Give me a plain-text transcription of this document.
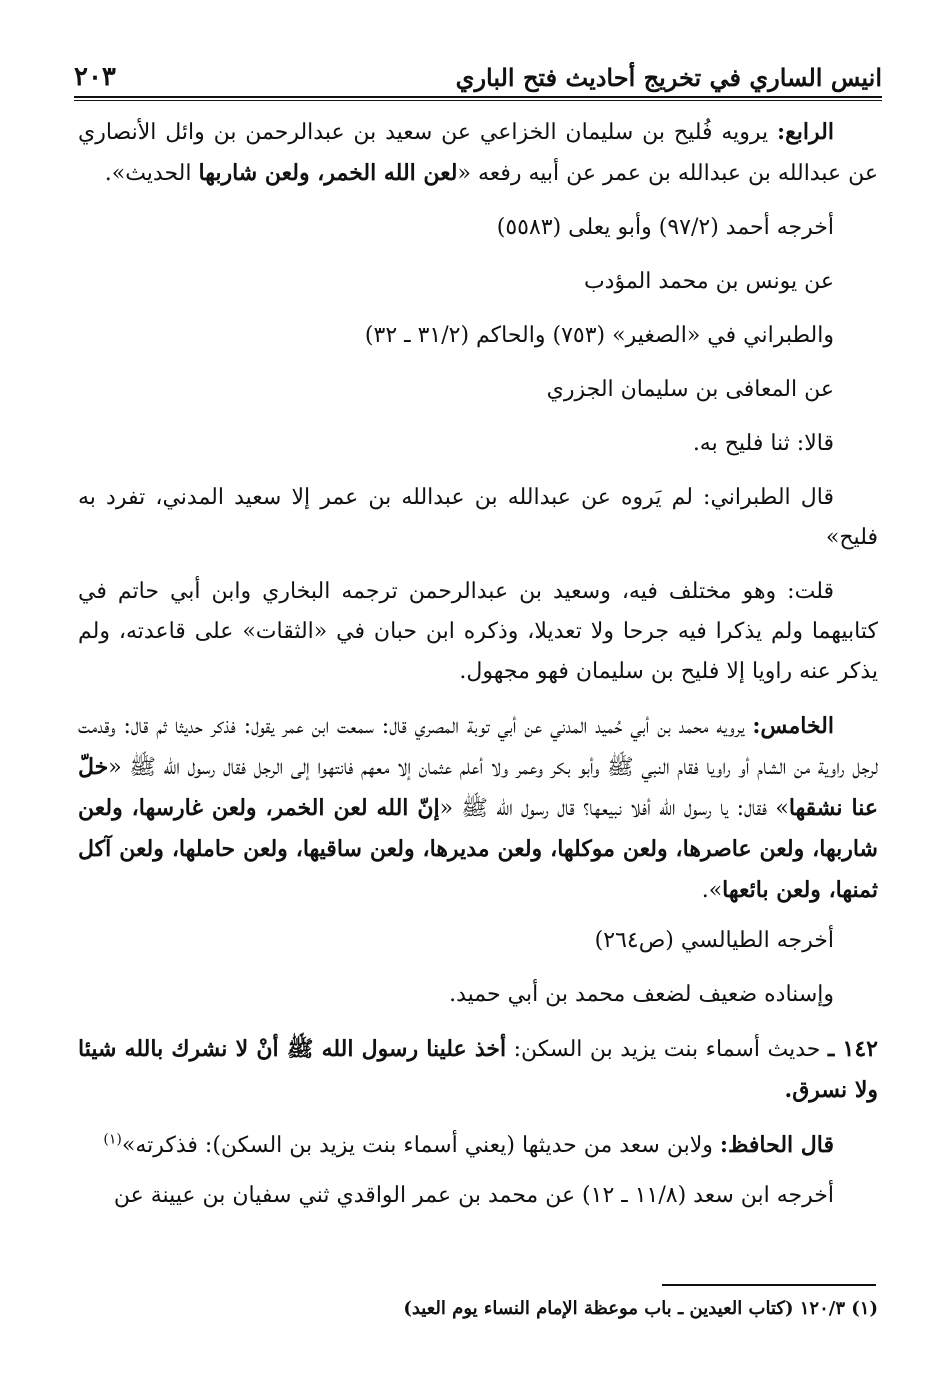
٢٠٣	انيس الساري في تخريج أحاديث فتح الباري

الرابع: يرويه فُليح بن سليمان الخزاعي عن سعيد بن عبدالرحمن بن وائل الأنصاري عن عبدالله بن عبدالله بن عمر عن أبيه رفعه «لعن الله الخمر، ولعن شاربها الحديث».

أخرجه أحمد (٩٧/٢) وأبو يعلى (٥٥٨٣)

عن يونس بن محمد المؤدب

والطبراني في «الصغير» (٧٥٣) والحاكم (٣١/٢ ـ ٣٢)

عن المعافى بن سليمان الجزري

قالا: ثنا فليح به.

قال الطبراني: لم يَروه عن عبدالله بن عبدالله بن عمر إلا سعيد المدني، تفرد به فليح»

قلت: وهو مختلف فيه، وسعيد بن عبدالرحمن ترجمه البخاري وابن أبي حاتم في كتابيهما ولم يذكرا فيه جرحا ولا تعديلا، وذكره ابن حبان في «الثقات» على قاعدته، ولم يذكر عنه راويا إلا فليح بن سليمان فهو مجهول.

الخامس: يرويه محمد بن أبي حُميد المدني عن أبي توبة المصري قال: سمعت ابن عمر يقول: فذكر حديثا ثم قال: وقدمت لرجل راوية من الشام أو راويا فقام النبي ﷺ وأبو بكر وعمر ولا أعلم عثمان إلا معهم فانتهوا إلى الرجل فقال رسول الله ﷺ «خلّ عنا نشقها» فقال: يا رسول الله أفلا نبيعها؟ قال رسول الله ﷺ «إنّ الله لعن الخمر، ولعن غارسها، ولعن شاربها، ولعن عاصرها، ولعن موكلها، ولعن مديرها، ولعن ساقيها، ولعن حاملها، ولعن آكل ثمنها، ولعن بائعها».

أخرجه الطيالسي (ص٢٦٤)

وإسناده ضعيف لضعف محمد بن أبي حميد.

١٤٢ ـ حديث أسماء بنت يزيد بن السكن: أخذ علينا رسول الله ﷺ أنْ لا نشرك بالله شيئا ولا نسرق.

قال الحافظ: ولابن سعد من حديثها (يعني أسماء بنت يزيد بن السكن): فذكرته»$^{(١)}$

أخرجه ابن سعد (١١/٨ ـ ١٢) عن محمد بن عمر الواقدي ثني سفيان بن عيينة عن

(١) ١٢٠/٣ (كتاب العيدين ـ باب موعظة الإمام النساء يوم العيد)
